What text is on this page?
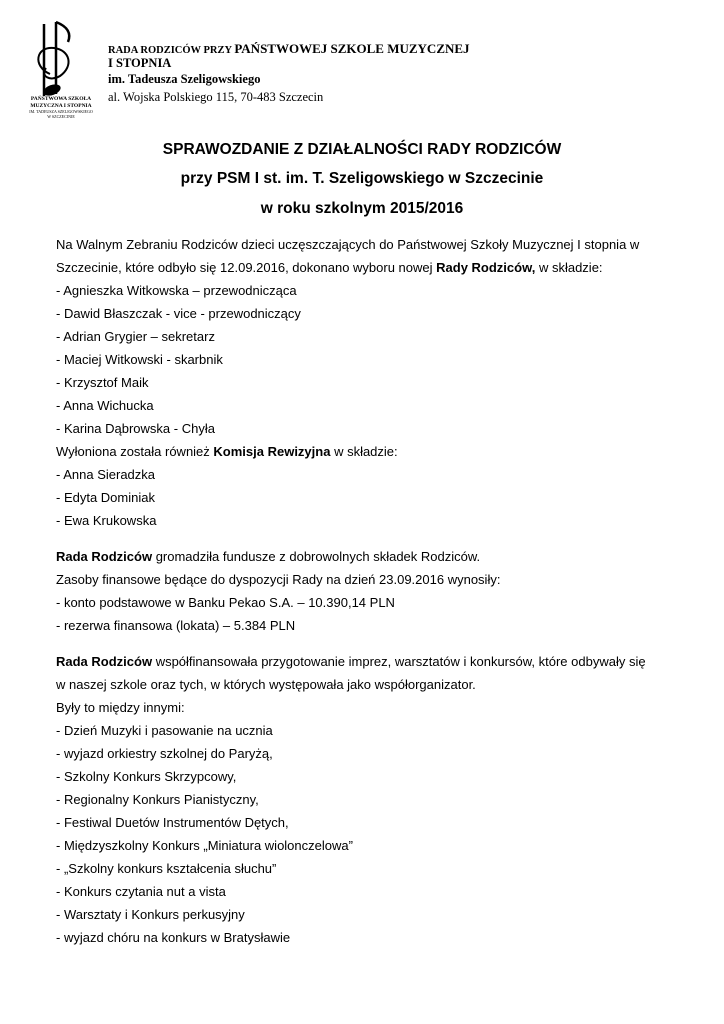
PAŃSTWOWA SZKOŁA
MUZYCZNA I STOPNIA
IM. TADEUSZA SZELIGOWSKIEGO
W SZCZECINIE
RADA RODZICÓW PRZY PAŃSTWOWEJ SZKOLE MUZYCZNEJ
I STOPNIA
im. Tadeusza Szeligowskiego
al. Wojska Polskiego 115, 70-483 Szczecin
SPRAWOZDANIE Z DZIAŁALNOŚCI RADY RODZICÓW
przy PSM I st. im. T. Szeligowskiego w Szczecinie
w roku szkolnym 2015/2016

Na Walnym Zebraniu Rodziców dzieci uczęszczających do Państwowej Szkoły Muzycznej I stopnia w

Szczecinie, które odbyło się 12.09.2016, dokonano wyboru nowej Rady Rodziców, w składzie:

- Agnieszka Witkowska – przewodnicząca

- Dawid Błaszczak - vice - przewodniczący

- Adrian Grygier – sekretarz

- Maciej Witkowski - skarbnik

- Krzysztof Maik

- Anna Wichucka

- Karina Dąbrowska - Chyła

Wyłoniona została również Komisja Rewizyjna w składzie:

- Anna Sieradzka

- Edyta Dominiak

- Ewa Krukowska

Rada Rodziców gromadziła fundusze z dobrowolnych składek Rodziców.

Zasoby finansowe będące do dyspozycji Rady na dzień 23.09.2016 wynosiły:

- konto podstawowe w Banku Pekao S.A. – 10.390,14 PLN

- rezerwa finansowa (lokata) – 5.384 PLN

Rada Rodziców współfinansowała przygotowanie imprez, warsztatów i konkursów, które odbywały się

w naszej szkole oraz tych, w których występowała jako współorganizator.

Były to między innymi:

- Dzień Muzyki i pasowanie na ucznia

- wyjazd orkiestry szkolnej do Paryżą,

- Szkolny Konkurs Skrzypcowy,

- Regionalny Konkurs Pianistyczny,

- Festiwal Duetów Instrumentów Dętych,

- Międzyszkolny Konkurs „Miniatura wiolonczelowa”

- „Szkolny konkurs kształcenia słuchu”

- Konkurs czytania nut a vista

- Warsztaty i Konkurs perkusyjny

- wyjazd chóru na konkurs w Bratysławie
